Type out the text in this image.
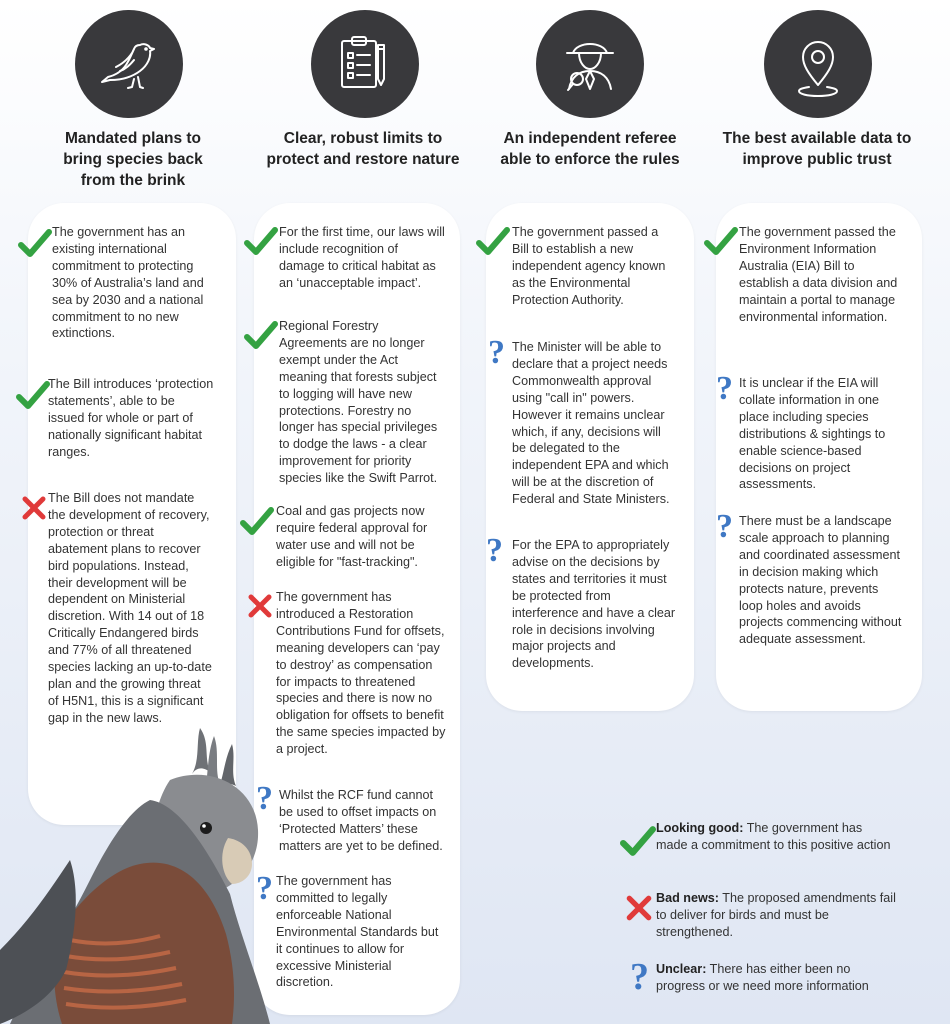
Mandated plans to bring species back from the brink
Clear, robust limits to protect and restore nature
An independent referee able to enforce the rules
The best available data to improve public trust
The government has an existing international commitment to protecting 30% of Australia’s land and sea by 2030 and a national commitment to no new extinctions.
The Bill introduces ‘protection statements’, able to be issued for whole or part of nationally significant habitat ranges.
The Bill does not mandate the development of recovery, protection or threat abatement plans to recover bird populations. Instead, their development will be dependent on Ministerial discretion. With 14 out of 18 Critically Endangered birds and 77% of all threatened species lacking an up-to-date plan and the growing threat of H5N1, this is a significant gap in the new laws.
For the first time, our laws will include recognition of damage to critical habitat as an ‘unacceptable impact’.
Regional Forestry Agreements are no longer exempt under the Act meaning that forests subject to logging will have new protections. Forestry no longer has special privileges to dodge the laws - a clear improvement for priority species like the Swift Parrot.
Coal and gas projects now require federal approval for water use and will not be eligible for "fast-tracking".
The government has introduced a Restoration Contributions Fund for offsets, meaning developers can ‘pay to destroy’ as compensation for impacts to threatened species and there is now no obligation for offsets to benefit the same species impacted by a project.
? Whilst the RCF fund cannot be used to offset impacts on ‘Protected Matters’ these matters are yet to be defined.
? The government has committed to legally enforceable National Environmental Standards but it continues to allow for excessive Ministerial discretion.
The government passed a Bill to establish a new independent agency known as the Environmental Protection Authority.
? The Minister will be able to declare that a project needs Commonwealth approval using "call in" powers. However it remains unclear which, if any, decisions will be delegated to the independent EPA and which will be at the discretion of Federal and State Ministers.
? For the EPA to appropriately advise on the decisions by states and territories it must be protected from interference and have a clear role in decisions involving major projects and developments.
The government passed the Environment Information Australia (EIA) Bill to establish a data division and maintain a portal to manage environmental information.
? It is unclear if the EIA will collate information in one place including species distributions & sightings to enable science-based decisions on project assessments.
? There must be a landscape scale approach to planning and coordinated assessment in decision making which protects nature, prevents loop holes and avoids projects commencing without adequate assessment.
Looking good: The government has made a commitment to this positive action
Bad news: The proposed amendments fail to deliver for birds and must be strengthened.
? Unclear: There has either been no progress or we need more information
